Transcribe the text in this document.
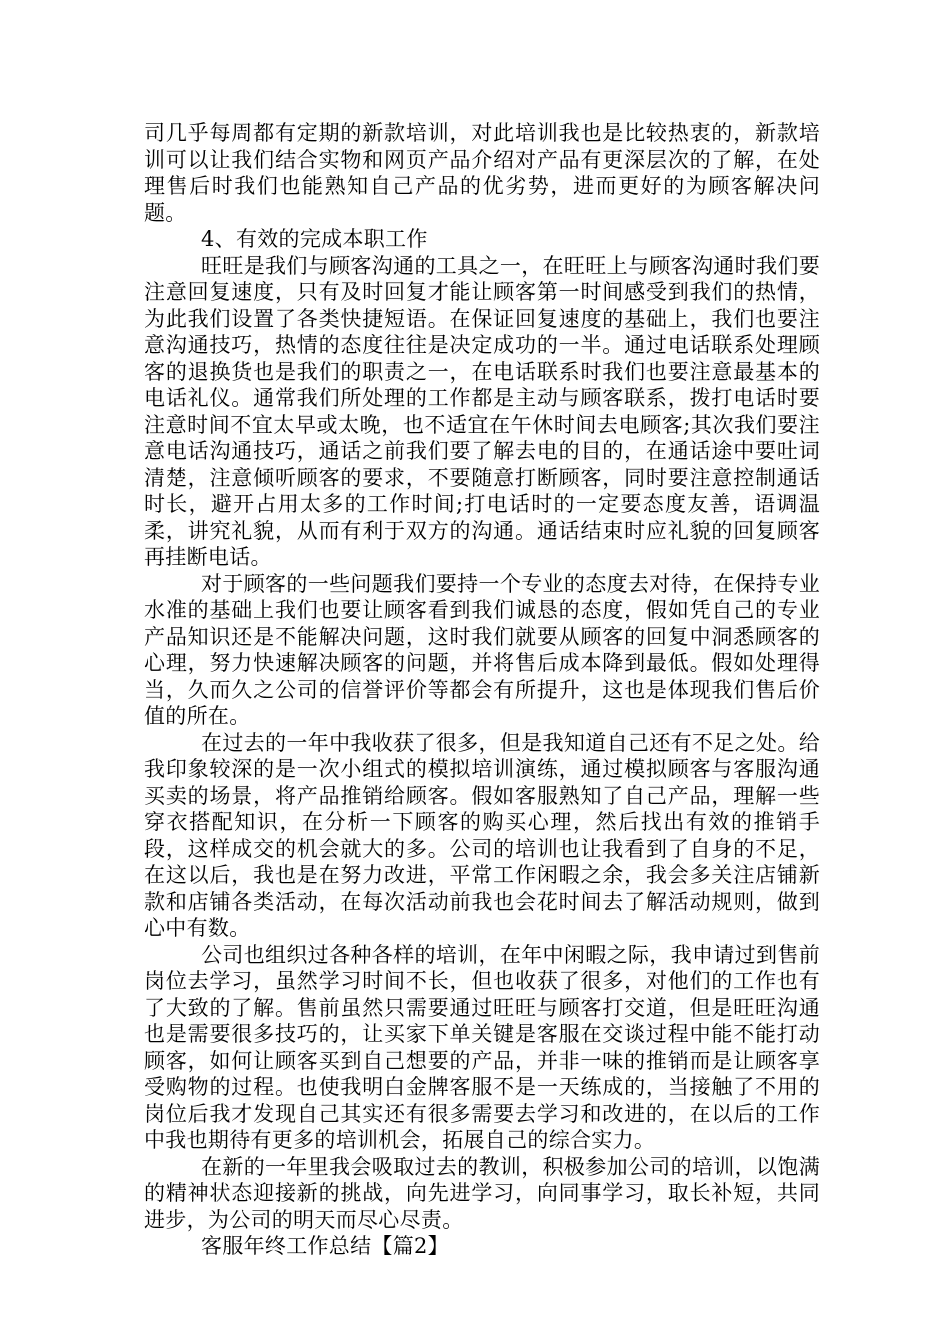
司几乎每周都有定期的新款培训，对此培训我也是比较热衷的，新款培训可以让我们结合实物和网页产品介绍对产品有更深层次的了解，在处理售后时我们也能熟知自己产品的优劣势，进而更好的为顾客解决问题。

4、有效的完成本职工作

旺旺是我们与顾客沟通的工具之一，在旺旺上与顾客沟通时我们要注意回复速度，只有及时回复才能让顾客第一时间感受到我们的热情，为此我们设置了各类快捷短语。在保证回复速度的基础上，我们也要注意沟通技巧，热情的态度往往是决定成功的一半。通过电话联系处理顾客的退换货也是我们的职责之一，在电话联系时我们也要注意最基本的电话礼仪。通常我们所处理的工作都是主动与顾客联系，拨打电话时要注意时间不宜太早或太晚，也不适宜在午休时间去电顾客;其次我们要注意电话沟通技巧，通话之前我们要了解去电的目的，在通话途中要吐词清楚，注意倾听顾客的要求，不要随意打断顾客，同时要注意控制通话时长，避开占用太多的工作时间;打电话时的一定要态度友善，语调温柔，讲究礼貌，从而有利于双方的沟通。通话结束时应礼貌的回复顾客再挂断电话。

对于顾客的一些问题我们要持一个专业的态度去对待，在保持专业水准的基础上我们也要让顾客看到我们诚恳的态度，假如凭自己的专业产品知识还是不能解决问题，这时我们就要从顾客的回复中洞悉顾客的心理，努力快速解决顾客的问题，并将售后成本降到最低。假如处理得当，久而久之公司的信誉评价等都会有所提升，这也是体现我们售后价值的所在。

在过去的一年中我收获了很多，但是我知道自己还有不足之处。给我印象较深的是一次小组式的模拟培训演练，通过模拟顾客与客服沟通买卖的场景，将产品推销给顾客。假如客服熟知了自己产品，理解一些穿衣搭配知识，在分析一下顾客的购买心理，然后找出有效的推销手段，这样成交的机会就大的多。公司的培训也让我看到了自身的不足，在这以后，我也是在努力改进，平常工作闲暇之余，我会多关注店铺新款和店铺各类活动，在每次活动前我也会花时间去了解活动规则，做到心中有数。

公司也组织过各种各样的培训，在年中闲暇之际，我申请过到售前岗位去学习，虽然学习时间不长，但也收获了很多，对他们的工作也有了大致的了解。售前虽然只需要通过旺旺与顾客打交道，但是旺旺沟通也是需要很多技巧的，让买家下单关键是客服在交谈过程中能不能打动顾客，如何让顾客买到自己想要的产品，并非一味的推销而是让顾客享受购物的过程。也使我明白金牌客服不是一天练成的，当接触了不用的岗位后我才发现自己其实还有很多需要去学习和改进的，在以后的工作中我也期待有更多的培训机会，拓展自己的综合实力。

在新的一年里我会吸取过去的教训，积极参加公司的培训，以饱满的精神状态迎接新的挑战，向先进学习，向同事学习，取长补短，共同进步，为公司的明天而尽心尽责。

客服年终工作总结【篇2】
